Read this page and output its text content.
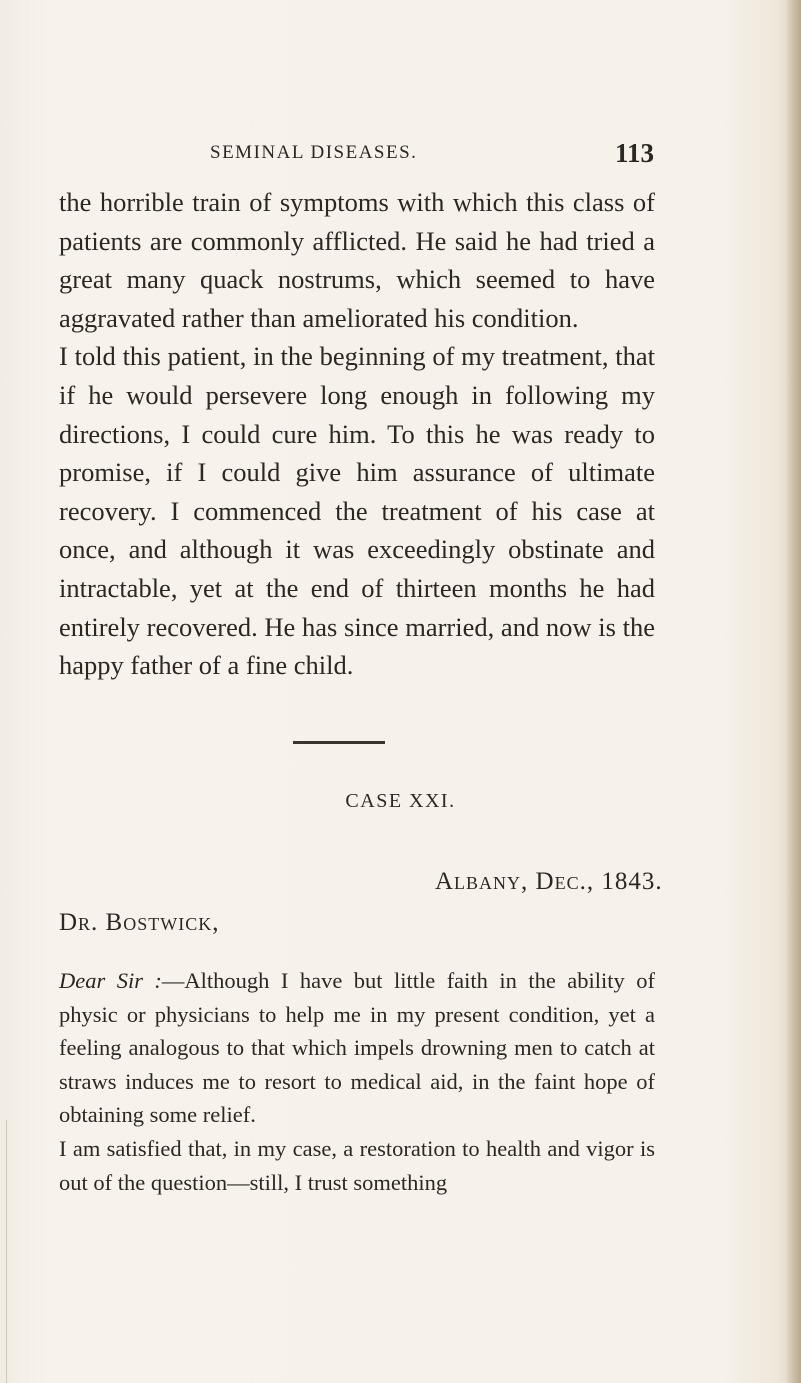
SEMINAL DISEASES.	113

the horrible train of symptoms with which this class of patients are commonly afflicted. He said he had tried a great many quack nostrums, which seemed to have aggravated rather than ameliorated his condition.

I told this patient, in the beginning of my treatment, that if he would persevere long enough in following my directions, I could cure him. To this he was ready to promise, if I could give him assurance of ultimate recovery. I commenced the treatment of his case at once, and although it was exceedingly obstinate and intractable, yet at the end of thirteen months he had entirely recovered. He has since married, and now is the happy father of a fine child.

CASE XXI.
Albany, Dec., 1843.
Dr. Bostwick,

Dear Sir :—Although I have but little faith in the ability of physic or physicians to help me in my present condition, yet a feeling analogous to that which impels drowning men to catch at straws induces me to resort to medical aid, in the faint hope of obtaining some relief.

I am satisfied that, in my case, a restoration to health and vigor is out of the question—still, I trust something
